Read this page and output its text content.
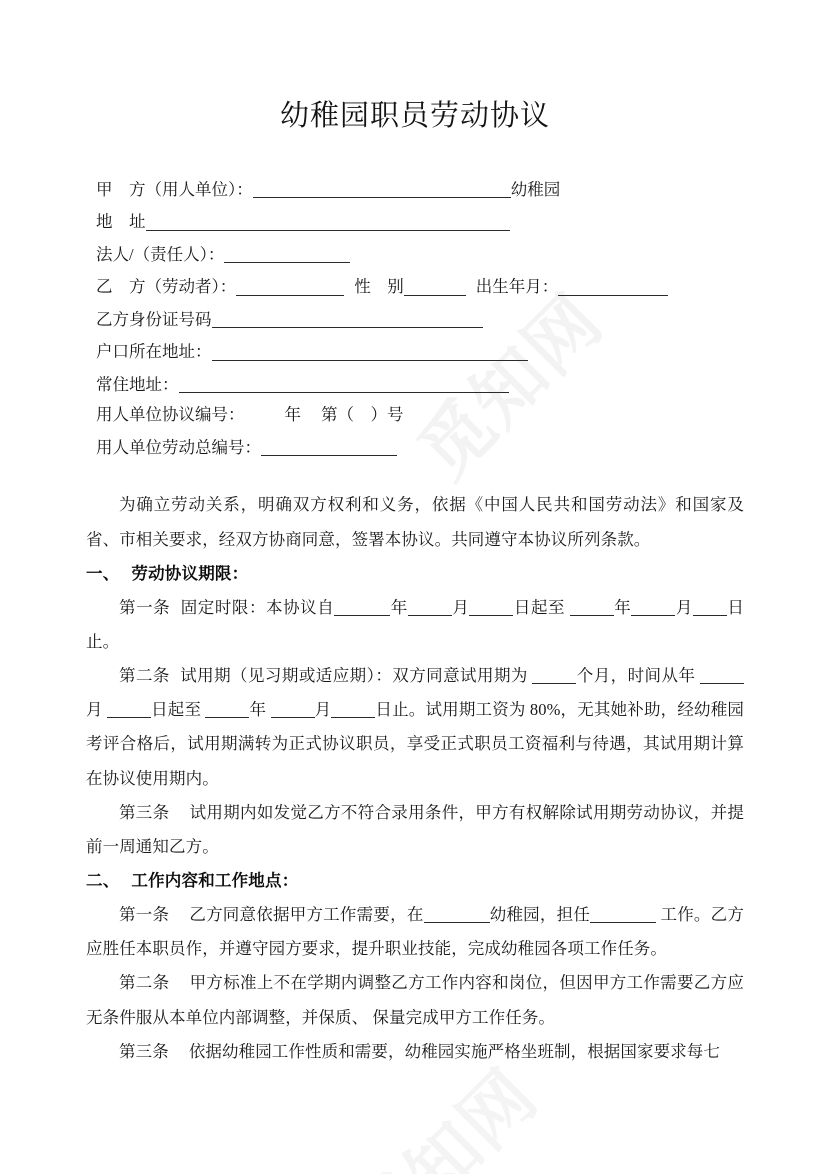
幼稚园职员劳动协议
甲　方（用人单位）：	幼稚园
地　址
法人/（责任人）：
乙　方（劳动者）：	性　别	出生年月：
乙方身份证号码
户口所在地址：
常住地址：
用人单位协议编号： 年 第（　）号
用人单位劳动总编号：

为确立劳动关系，明确双方权利和义务，依据《中国人民共和国劳动法》和国家及省、市相关要求，经双方协商同意，签署本协议。共同遵守本协议所列条款。

一、 劳动协议期限：

第一条 固定时限：本协议自	年	月	日起至	年	月 日止。

第二条 试用期（见习期或适应期）：双方同意试用期为	个月，时间从年 月	日起至	年	月	日止。试用期工资为 80%，无其她补助，经幼稚园考评合格后，试用期满转为正式协议职员，享受正式职员工资福利与待遇，其试用期计算在协议使用期内。

第三条 试用期内如发觉乙方不符合录用条件，甲方有权解除试用期劳动协议，并提前一周通知乙方。

二、 工作内容和工作地点：

第一条 乙方同意依据甲方工作需要，在	幼稚园，担任	工作。乙方应胜任本职员作，并遵守园方要求，提升职业技能，完成幼稚园各项工作任务。

第二条 甲方标准上不在学期内调整乙方工作内容和岗位，但因甲方工作需要乙方应无条件服从本单位内部调整，并保质、 保量完成甲方工作任务。

第三条 依据幼稚园工作性质和需要，幼稚园实施严格坐班制，根据国家要求每七
